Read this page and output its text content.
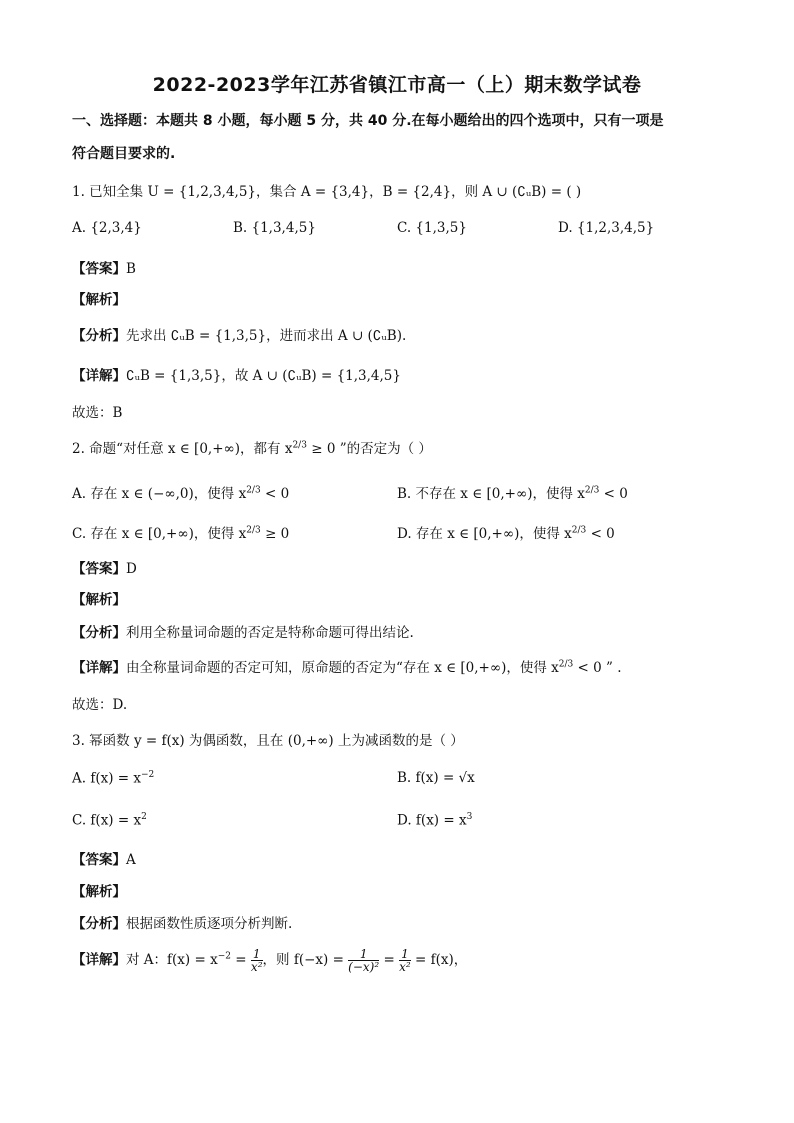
2022-2023学年江苏省镇江市高一（上）期末数学试卷
一、选择题：本题共 8 小题，每小题 5 分，共 40 分.在每小题给出的四个选项中，只有一项是
符合题目要求的.
1. 已知全集 U = {1,2,3,4,5}，集合 A = {3,4}，B = {2,4}，则 A ∪ (∁ᵤB) = ( )
A. {2,3,4}	B. {1,3,4,5}	C. {1,3,5}	D. {1,2,3,4,5}
【答案】B
【解析】
【分析】先求出 ∁ᵤB = {1,3,5}，进而求出 A ∪ (∁ᵤB).
【详解】∁ᵤB = {1,3,5}，故 A ∪ (∁ᵤB) = {1,3,4,5}
故选：B
2. 命题“对任意 x ∈ [0,+∞)，都有 $x^{2/3} \ge 0$ ”的否定为（ ）
A. 存在 x ∈ (−∞,0)，使得 $x^{2/3} < 0$	B. 不存在 x ∈ [0,+∞)，使得 $x^{2/3} < 0$
C. 存在 x ∈ [0,+∞)，使得 $x^{2/3} \ge 0$	D. 存在 x ∈ [0,+∞)，使得 $x^{2/3} < 0$
【答案】D
【解析】
【分析】利用全称量词命题的否定是特称命题可得出结论.
【详解】由全称量词命题的否定可知，原命题的否定为“存在 x ∈ [0,+∞)，使得 $x^{2/3} < 0$ ” .
故选：D.
3. 幂函数 y = f(x) 为偶函数，且在 (0,+∞) 上为减函数的是（ ）
A. $f(x) = x^{-2}$	B. f(x) = √x
C. $f(x) = x^2$	D. $f(x) = x^3$
【答案】A
【解析】
【分析】根据函数性质逐项分析判断.
【详解】对 A：$f(x) = x^{-2} = \frac{1}{\text{x²}}$ ，则 $f(-x) = \frac{1}{\text{(−x)²}} = \frac{1}{\text{x²}} = f(x)$，
